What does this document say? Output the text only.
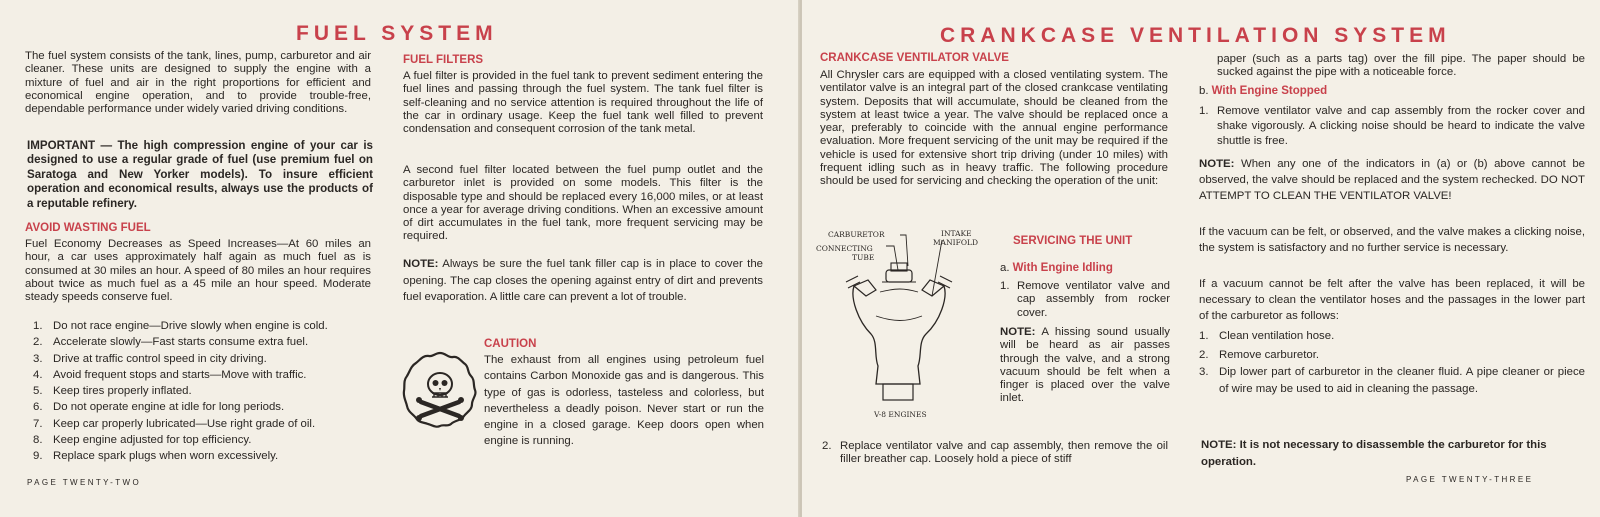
FUEL SYSTEM

The fuel system consists of the tank, lines, pump, carburetor and air cleaner. These units are designed to supply the engine with a mixture of fuel and air in the right proportions for efficient and economical engine operation, and to provide trouble-free, dependable performance under widely varied driving conditions.

IMPORTANT — The high compression engine of your car is designed to use a regular grade of fuel (use premium fuel on Saratoga and New Yorker models). To insure efficient operation and economical results, always use the products of a reputable refinery.

AVOID WASTING FUEL

Fuel Economy Decreases as Speed Increases—At 60 miles an hour, a car uses approximately half again as much fuel as is consumed at 30 miles an hour. A speed of 80 miles an hour requires about twice as much fuel as a 45 mile an hour speed. Moderate steady speeds conserve fuel.

1. Do not race engine—Drive slowly when engine is cold.
2. Accelerate slowly—Fast starts consume extra fuel.
3. Drive at traffic control speed in city driving.
4. Avoid frequent stops and starts—Move with traffic.
5. Keep tires properly inflated.
6. Do not operate engine at idle for long periods.
7. Keep car properly lubricated—Use right grade of oil.
8. Keep engine adjusted for top efficiency.
9. Replace spark plugs when worn excessively.
FUEL FILTERS

A fuel filter is provided in the fuel tank to prevent sediment entering the fuel lines and passing through the fuel system. The tank fuel filter is self-cleaning and no service attention is required throughout the life of the car in ordinary usage. Keep the fuel tank well filled to prevent condensation and consequent corrosion of the tank metal.

A second fuel filter located between the fuel pump outlet and the carburetor inlet is provided on some models. This filter is the disposable type and should be replaced every 16,000 miles, or at least once a year for average driving conditions. When an excessive amount of dirt accumulates in the fuel tank, more frequent servicing may be required.

NOTE: Always be sure the fuel tank filler cap is in place to cover the opening. The cap closes the opening against entry of dirt and prevents fuel evaporation. A little care can prevent a lot of trouble.

CAUTION

The exhaust from all engines using petroleum fuel contains Carbon Monoxide gas and is dangerous. This type of gas is odorless, tasteless and colorless, but nevertheless a deadly poison. Never start or run the engine in a closed garage. Keep doors open when engine is running.

PAGE TWENTY-TWO
CRANKCASE VENTILATION SYSTEM
CRANKCASE VENTILATOR VALVE

All Chrysler cars are equipped with a closed ventilating system. The ventilator valve is an integral part of the closed crankcase ventilating system. Deposits that will accumulate, should be cleaned from the system at least twice a year. The valve should be replaced once a year, preferably to coincide with the annual engine performance evaluation. More frequent servicing of the unit may be required if the vehicle is used for extensive short trip driving (under 10 miles) with frequent idling such as in heavy traffic. The following procedure should be used for servicing and checking the operation of the unit:

CARBURETOR	INTAKE
MANIFOLD
CONNECTING
TUBE
V-8 ENGINES
SERVICING THE UNIT
a. With Engine Idling

1. Remove ventilator valve and cap assembly from rocker cover.

NOTE: A hissing sound usually will be heard as air passes through the valve, and a strong vacuum should be felt when a finger is placed over the valve inlet.

2. Replace ventilator valve and cap assembly, then remove the oil filler breather cap. Loosely hold a piece of stiff

paper (such as a parts tag) over the fill pipe. The paper should be sucked against the pipe with a noticeable force.

b. With Engine Stopped

1. Remove ventilator valve and cap assembly from the rocker cover and shake vigorously. A clicking noise should be heard to indicate the valve shuttle is free.

NOTE: When any one of the indicators in (a) or (b) above cannot be observed, the valve should be replaced and the system rechecked. DO NOT ATTEMPT TO CLEAN THE VENTILATOR VALVE!

If the vacuum can be felt, or observed, and the valve makes a clicking noise, the system is satisfactory and no further service is necessary.

If a vacuum cannot be felt after the valve has been replaced, it will be necessary to clean the ventilator hoses and the passages in the lower part of the carburetor as follows:

1. Clean ventilation hose.
2. Remove carburetor.
3. Dip lower part of carburetor in the cleaner fluid. A pipe cleaner or piece of wire may be used to aid in cleaning the passage.

NOTE: It is not necessary to disassemble the carburetor for this operation.

PAGE TWENTY-THREE
